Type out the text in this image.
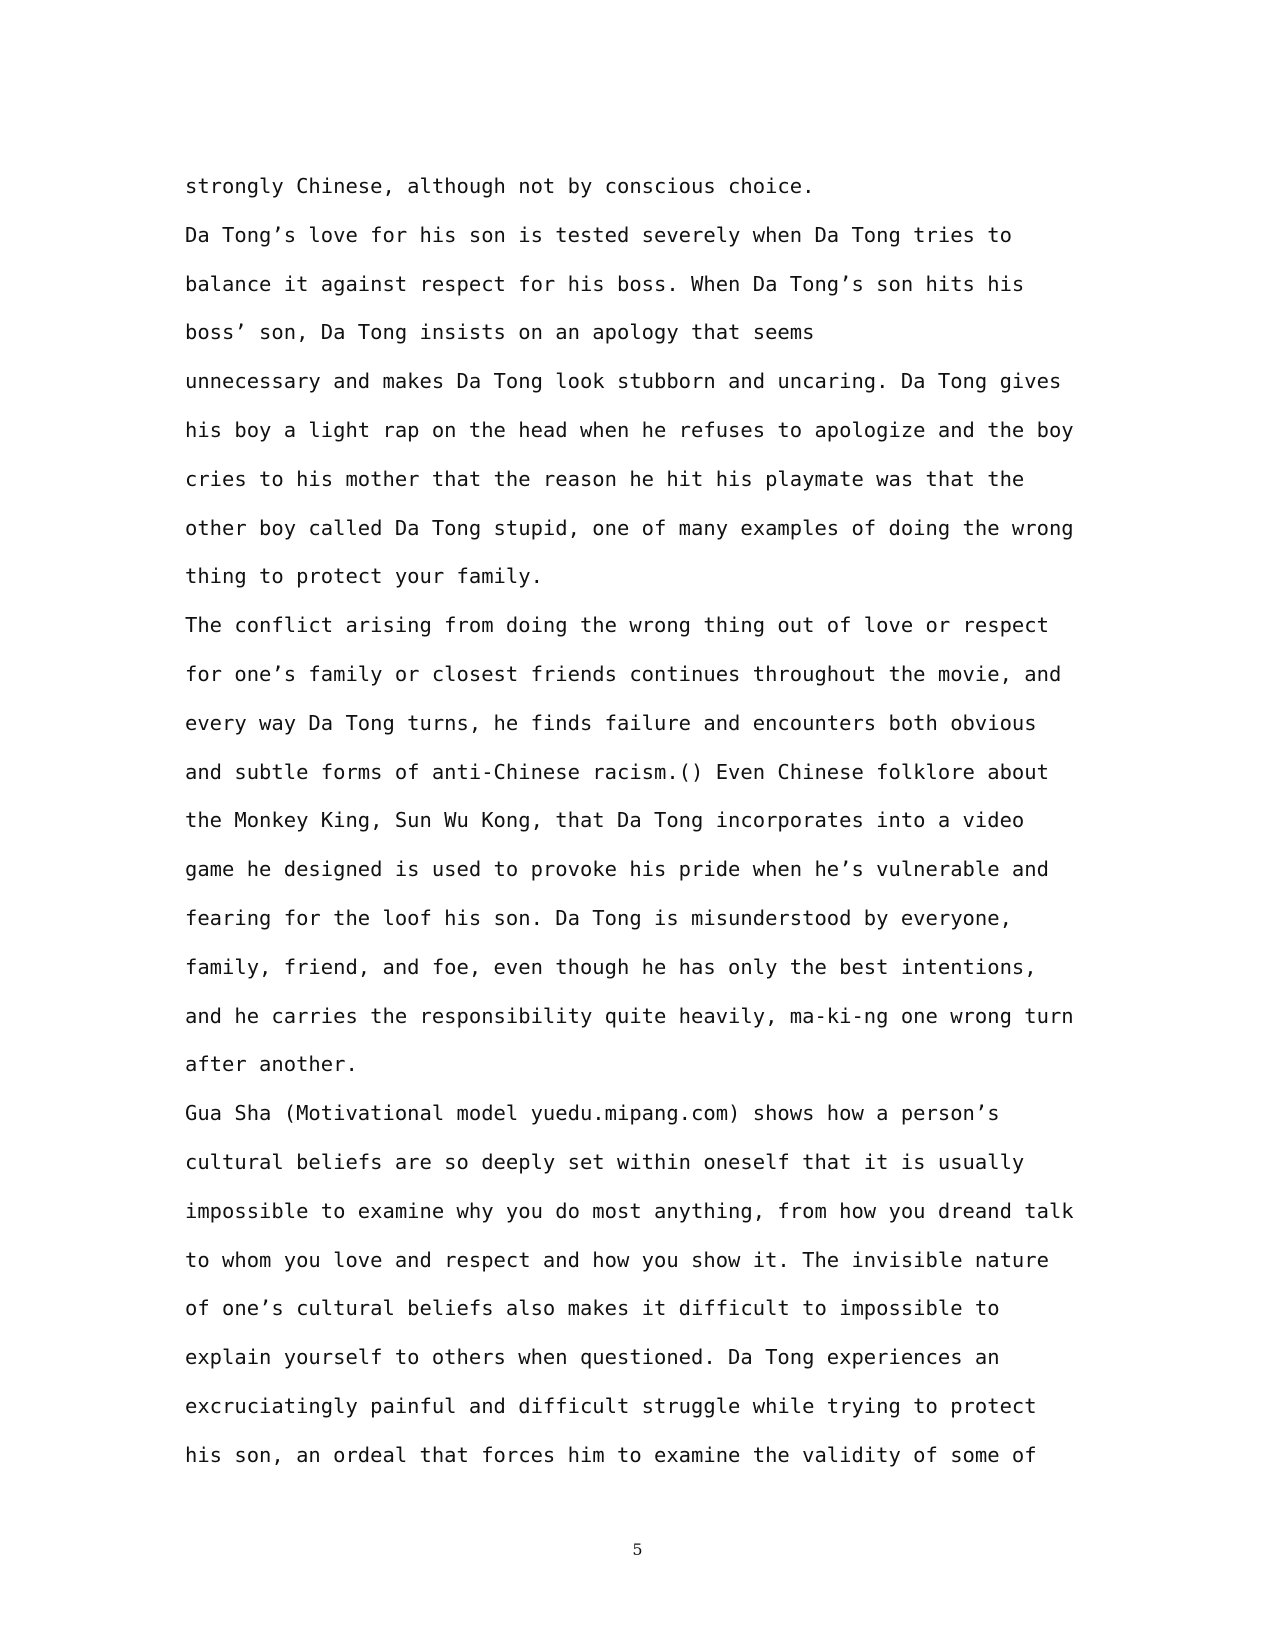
strongly Chinese, although not by conscious choice.

Da Tong’s love for his son is tested severely when Da Tong tries to

balance it against respect for his boss. When Da Tong’s son hits his

boss’ son, Da Tong insists on an apology that seems

unnecessary and makes Da Tong look stubborn and uncaring. Da Tong gives

his boy a light rap on the head when he refuses to apologize and the boy

cries to his mother that the reason he hit his playmate was that the

other boy called Da Tong stupid, one of many examples of doing the wrong

thing to protect your family.

The conflict arising from doing the wrong thing out of love or respect

for one’s family or closest friends continues throughout the movie, and

every way Da Tong turns, he finds failure and encounters both obvious

and subtle forms of anti-Chinese racism.() Even Chinese folklore about

the Monkey King, Sun Wu Kong, that Da Tong incorporates into a video

game he designed is used to provoke his pride when he’s vulnerable and

fearing for the loof his son. Da Tong is misunderstood by everyone,

family, friend, and foe, even though he has only the best intentions,

and he carries the responsibility quite heavily, ma-ki-ng one wrong turn

after another.

Gua Sha (Motivational model yuedu.mipang.com) shows how a person’s

cultural beliefs are so deeply set within oneself that it is usually

impossible to examine why you do most anything, from how you dreand talk

to whom you love and respect and how you show it. The invisible nature

of one’s cultural beliefs also makes it difficult to impossible to

explain yourself to others when questioned. Da Tong experiences an

excruciatingly painful and difficult struggle while trying to protect

his son, an ordeal that forces him to examine the validity of some of

5
